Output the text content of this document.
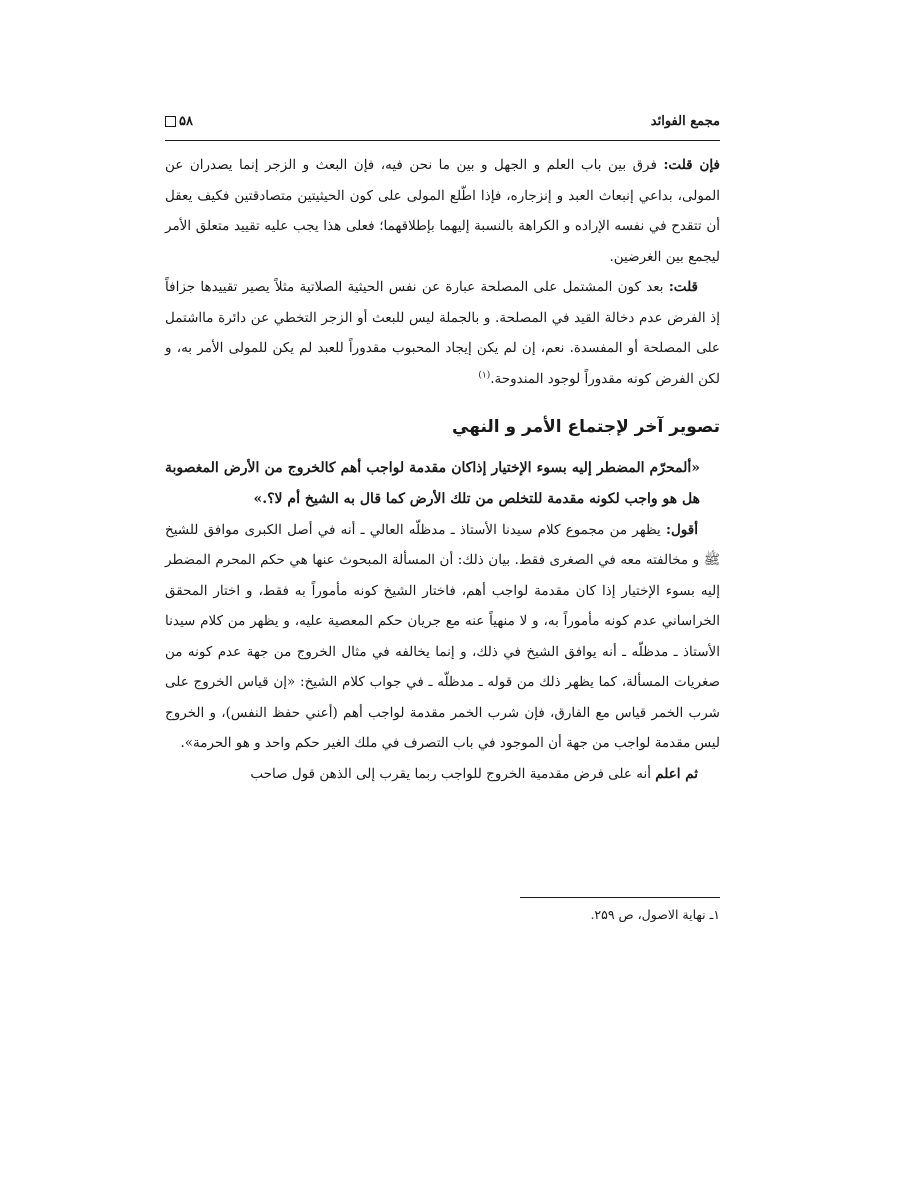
مجمع الفوائد
۵۸

فإن قلت: فرق بين باب العلم و الجهل و بين ما نحن فيه، فإن البعث و الزجر إنما يصدران عن المولى، بداعي إنبعاث العبد و إنزجاره، فإذا اطّلع المولى على كون الحيثيتين متصادقتين فكيف يعقل أن تتقدح في نفسه الإراده و الكراهة بالنسبة إليهما بإطلاقهما؛ فعلى هذا يجب عليه تقييد متعلق الأمر ليجمع بين الغرضين.

قلت: بعد كون المشتمل على المصلحة عبارة عن نفس الحيثية الصلاتية مثلاً يصير تقييدها جزافاً إذ الفرض عدم دخالة القيد في المصلحة. و بالجملة ليس للبعث أو الزجر التخطي عن دائرة مااشتمل على المصلحة أو المفسدة. نعم، إن لم يكن إيجاد المحبوب مقدوراً للعبد لم يكن للمولى الأمر به، و لكن الفرض كونه مقدوراً لوجود المندوحة.$^{(۱)}$

تصوير آخر لإجتماع الأمر و النهي

«ألمحرّم المضطر إليه بسوء الإختيار إذاكان مقدمة لواجب أهم كالخروج من الأرض المغصوبة هل هو واجب لكونه مقدمة للتخلص من تلك الأرض كما قال به الشيخ أم لا؟.»

أقول: يظهر من مجموع كلام سيدنا الأستاذ ـ مدظلّه العالي ـ أنه في أصل الكبرى موافق للشيخ ﷺ و مخالفته معه في الصغرى فقط. بيان ذلك: أن المسألة المبحوث عنها هي حكم المحرم المضطر إليه بسوء الإختيار إذا كان مقدمة لواجب أهم، فاختار الشيخ كونه مأموراً به فقط، و اختار المحقق الخراساني عدم كونه مأموراً به، و لا منهياً عنه مع جريان حكم المعصية عليه، و يظهر من كلام سيدنا الأستاذ ـ مدظلّه ـ أنه يوافق الشيخ في ذلك، و إنما يخالفه في مثال الخروج من جهة عدم كونه من صغريات المسألة، كما يظهر ذلك من قوله ـ مدظلّه ـ في جواب كلام الشيخ: «إن قياس الخروج على شرب الخمر قياس مع الفارق، فإن شرب الخمر مقدمة لواجب أهم (أعني حفظ النفس)، و الخروج ليس مقدمة لواجب من جهة أن الموجود في باب التصرف في ملك الغير حكم واحد و هو الحرمة».

ثم اعلم أنه على فرض مقدمية الخروج للواجب ربما يقرب إلى الذهن قول صاحب

۱ـ نهاية الاصول، ص ۲۵۹.
